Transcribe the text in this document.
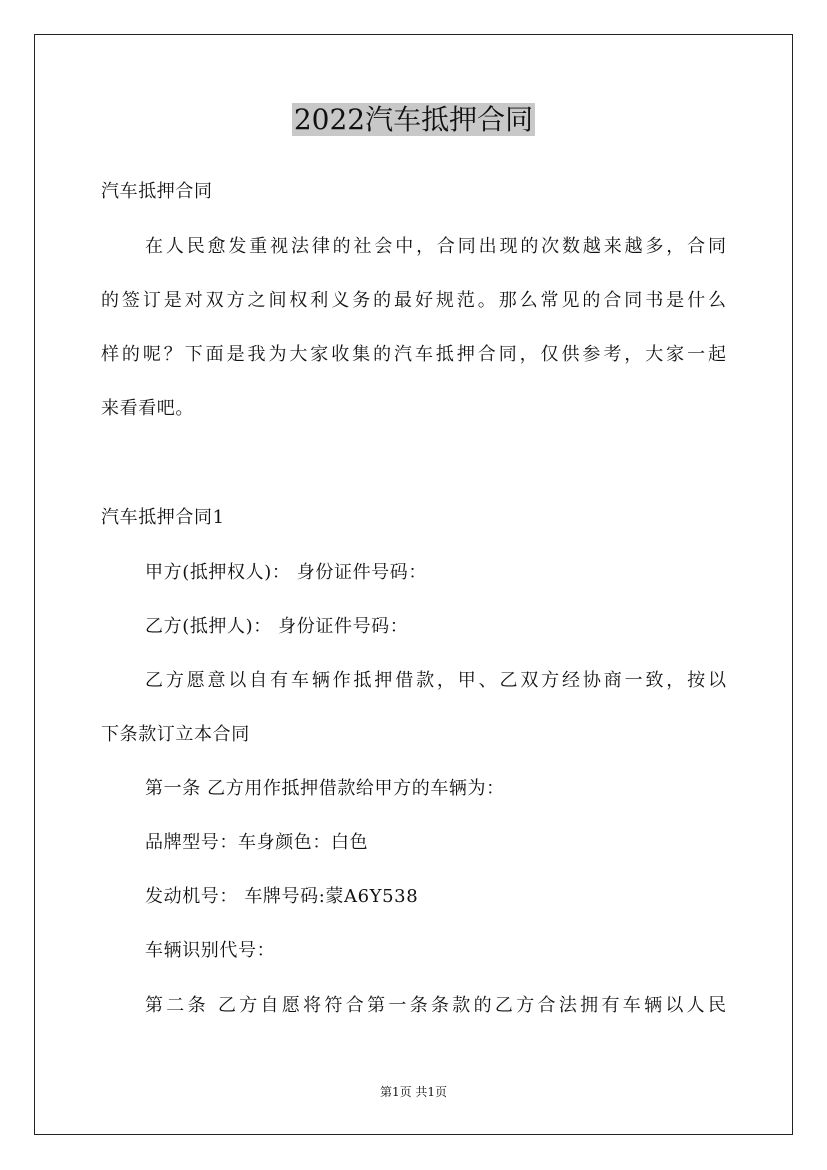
2022汽车抵押合同

汽车抵押合同

在人民愈发重视法律的社会中，合同出现的次数越来越多，合同

的签订是对双方之间权利义务的最好规范。那么常见的合同书是什么

样的呢？下面是我为大家收集的汽车抵押合同，仅供参考，大家一起

来看看吧。

汽车抵押合同1

甲方(抵押权人)： 身份证件号码：

乙方(抵押人)： 身份证件号码：

乙方愿意以自有车辆作抵押借款，甲、乙双方经协商一致，按以

下条款订立本合同

第一条 乙方用作抵押借款给甲方的车辆为：

品牌型号：车身颜色：白色

发动机号： 车牌号码:蒙A6Y538

车辆识别代号：

第二条 乙方自愿将符合第一条条款的乙方合法拥有车辆以人民

第1页 共1页
